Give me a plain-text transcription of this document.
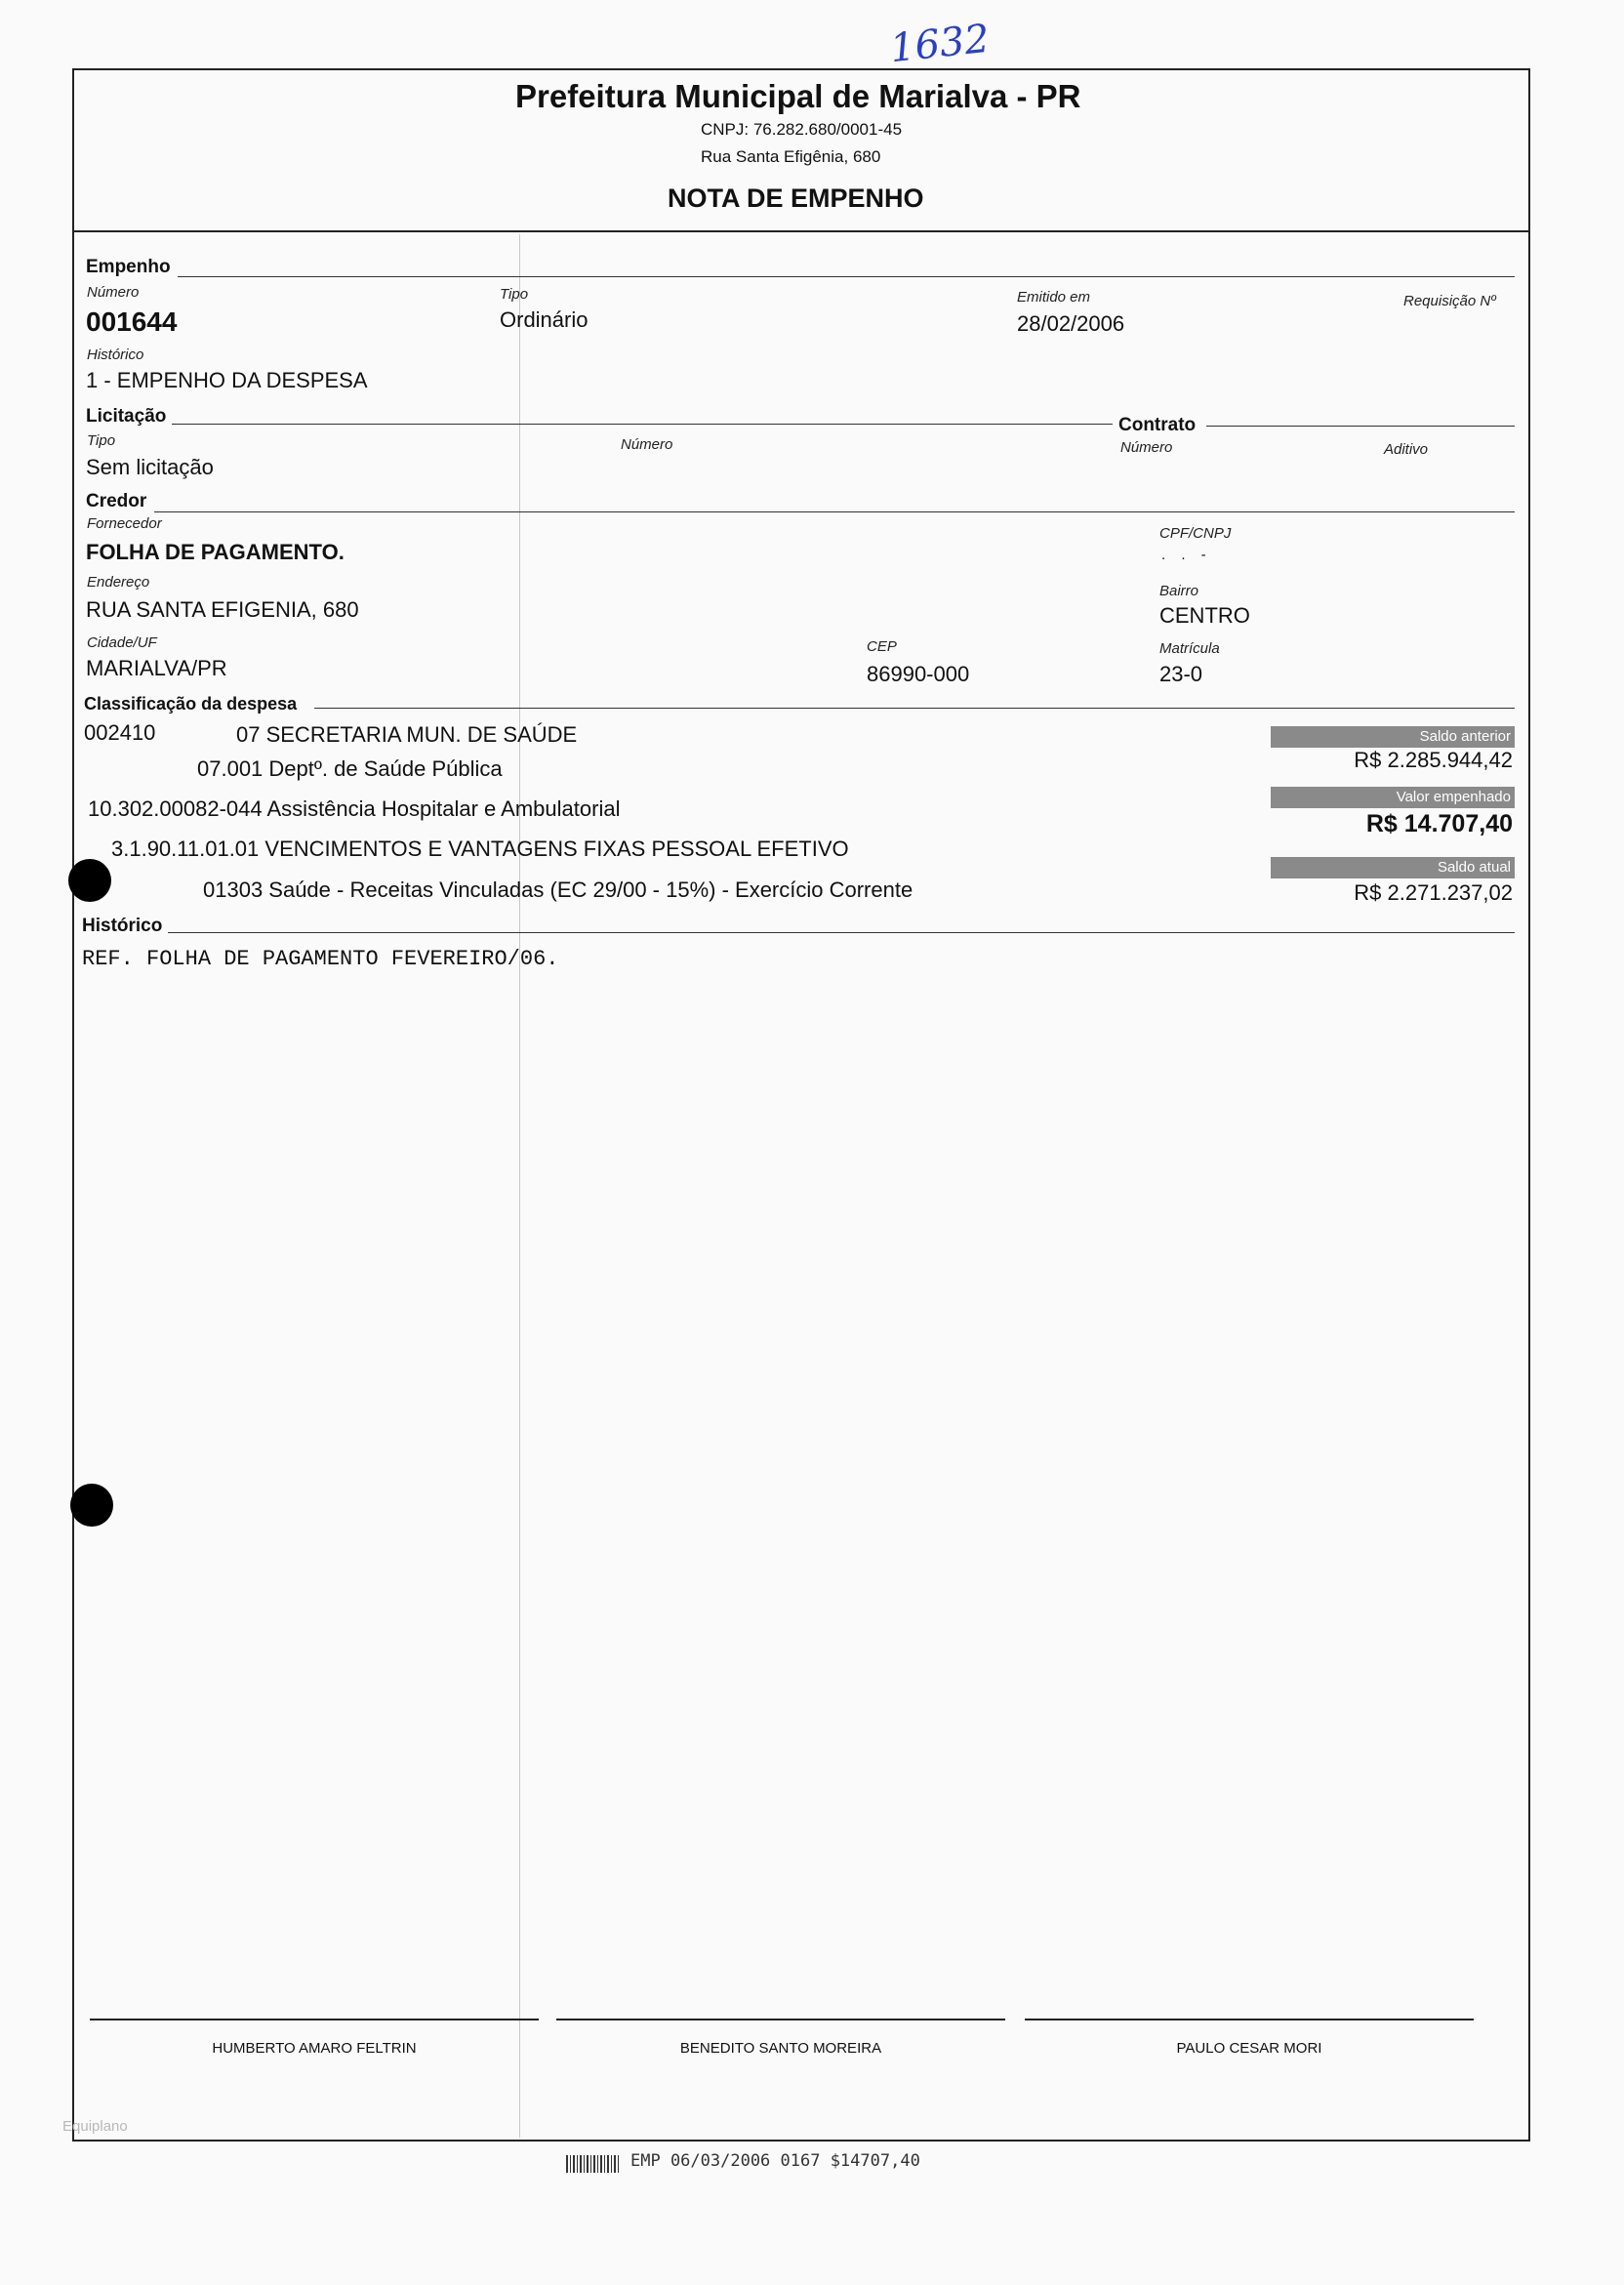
1632
Prefeitura Municipal de Marialva - PR
CNPJ: 76.282.680/0001-45
Rua Santa Efigênia, 680
NOTA DE EMPENHO
Empenho
Número
001644
Tipo
Ordinário
Emitido em
28/02/2006
Requisição Nº
Histórico
1 - EMPENHO DA DESPESA
Licitação
Tipo
Sem licitação
Número
Contrato
Número	Aditivo
Credor
Fornecedor
FOLHA DE PAGAMENTO.
CPF/CNPJ
. . -
Endereço
RUA SANTA EFIGENIA, 680
Bairro
CENTRO
Cidade/UF
MARIALVA/PR
CEP
86990-000
Matrícula
23-0
Classificação da despesa
002410	07 SECRETARIA MUN. DE SAÚDE
07.001 Deptº. de Saúde Pública
10.302.00082-044 Assistência Hospitalar e Ambulatorial
3.1.90.11.01.01 VENCIMENTOS E VANTAGENS FIXAS PESSOAL EFETIVO
01303 Saúde - Receitas Vinculadas (EC 29/00 - 15%) - Exercício Corrente
Saldo anterior
R$ 2.285.944,42
Valor empenhado
R$ 14.707,40
Saldo atual
R$ 2.271.237,02
Histórico
REF. FOLHA DE PAGAMENTO FEVEREIRO/06.
HUMBERTO AMARO FELTRIN	BENEDITO SANTO MOREIRA	PAULO CESAR MORI
Equiplano
EMP 06/03/2006 0167 $14707,40
